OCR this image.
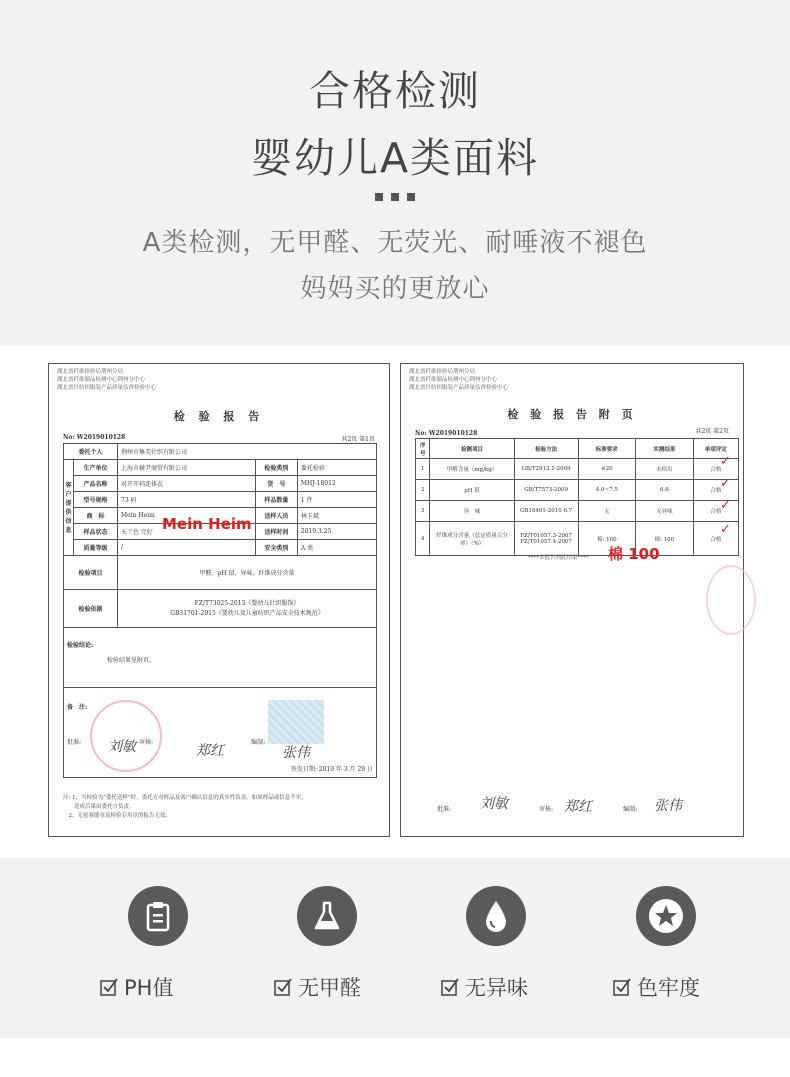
合格检测
婴幼儿A类面料
A类检测，无甲醛、无荧光、耐唾液不褪色
妈妈买的更放心
湖北省纤维检验局荆州分局
湖北省纤维制品检测中心荆州分中心
湖北省针纺织服装产品质量监督检验中心
检 验 报 告
No: W2019010128	共2页 第1页
委托个人		荆州市集美针织有限公司		
客户提供信息	生产单位	上海市赫尹商贸有限公司	检验类别	委托检验
	产品名称	对开开裆连体衣	货　号	MHJ-18012
	型号规格	73 码	样品数量	1 件
	商　标	Mein Heim	送样人员	林玉斌
	样品状态	天兰色 完好	送样时间	2019.3.25
	质量等级	/	安全类别	A 类
检验项目		甲醛、pH 值、异味、纤维成分含量		
检验依据		FZ/T73025-2013《婴幼儿针织服饰》
GB31701-2015《婴幼儿及儿童纺织产品安全技术规范》		

检验结论:
检验结果见附页。				

备　注:
批准: 审核: 编制:
签发日期: 2019 年 3 月 29 日				
注: 1、当检验为“委托送样”时，委托方对样品及客户确认信息的真实性负责。如果样品或信息不实，
　　造成后果由委托方负责。
　2、无密骑缝章及检验专用章的报告无效。
刘敏	郑红	张伟
Mein Heim
湖北省纤维检验局荆州分局
湖北省纤维制品检测中心荆州分中心
湖北省针纺织服装产品质量监督检验中心
检 验 报 告 附 页
No: W2019010128	共2页 第2页
序号	检测项目	检验方法	标准要求	实测结果	单项评定
1	甲醛含量（mg/kg）	GB/T2912.1-2009	≤20	未检出	合格
2	pH 值	GB/T7573-2009	4.0~7.5	6.6	合格
3	异　味	GB18401-2010 6.7	无	无异味	合格
4	纤维成分含量（总定质量百分率）（%）	FZ/T01057.3-2007 FZ/T01057.4-2007	棉: 100	棉: 100	合格
批准:	审核:	编制:
****本报告到此结束****
刘敏	郑红	张伟
✓
✓
✓
✓
棉 100
PH值	无甲醛	无异味	色牢度
